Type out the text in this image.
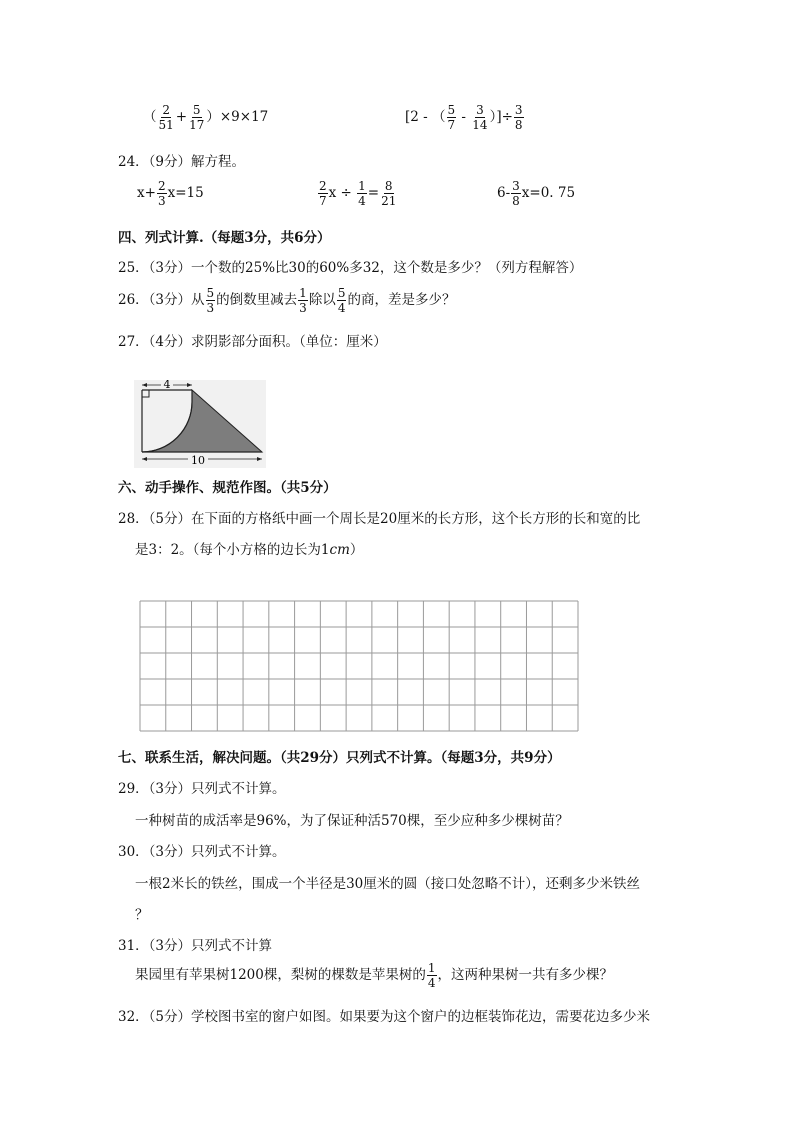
（ $\frac{2}{51} + \frac{5}{17} )\times 9\times 17$	[2 - （ $\frac{5}{7} - \frac{3}{14}$ ）]÷ $\frac{3}{8}$
24．（9分）解方程。
$x+ \frac{2}{3} x=15$	$\frac{2}{7}$ $x \div \frac{1}{4} = \frac{8}{21}$	$6- \frac{3}{8} x=0$. 75
四、列式计算.（每题3分，共6分）
25．（3分）一个数的25%比30的60%多32，这个数是多少？（列方程解答）
26．（3分）从 $\frac{5}{3}$ 的倒数里减去 $\frac{1}{3}$ 除以 $\frac{5}{4}$ 的商，差是多少？
27．（4分）求阴影部分面积。（单位：厘米）
4
10
六、动手操作、规范作图。（共5分）
28．（5分）在下面的方格纸中画一个周长是20厘米的长方形，这个长方形的长和宽的比
是3：2。（每个小方格的边长为1cm）
七、联系生活，解决问题。（共29分）只列式不计算。（每题3分，共9分）
29．（3分）只列式不计算。
一种树苗的成活率是96%，为了保证种活570棵，至少应种多少棵树苗？
30．（3分）只列式不计算。
一根2米长的铁丝，围成一个半径是30厘米的圆（接口处忽略不计），还剩多少米铁丝
？
31．（3分）只列式不计算
果园里有苹果树1200棵，梨树的棵数是苹果树的 $\frac{1}{4}$ ，这两种果树一共有多少棵？
32．（5分）学校图书室的窗户如图。如果要为这个窗户的边框装饰花边，需要花边多少米
